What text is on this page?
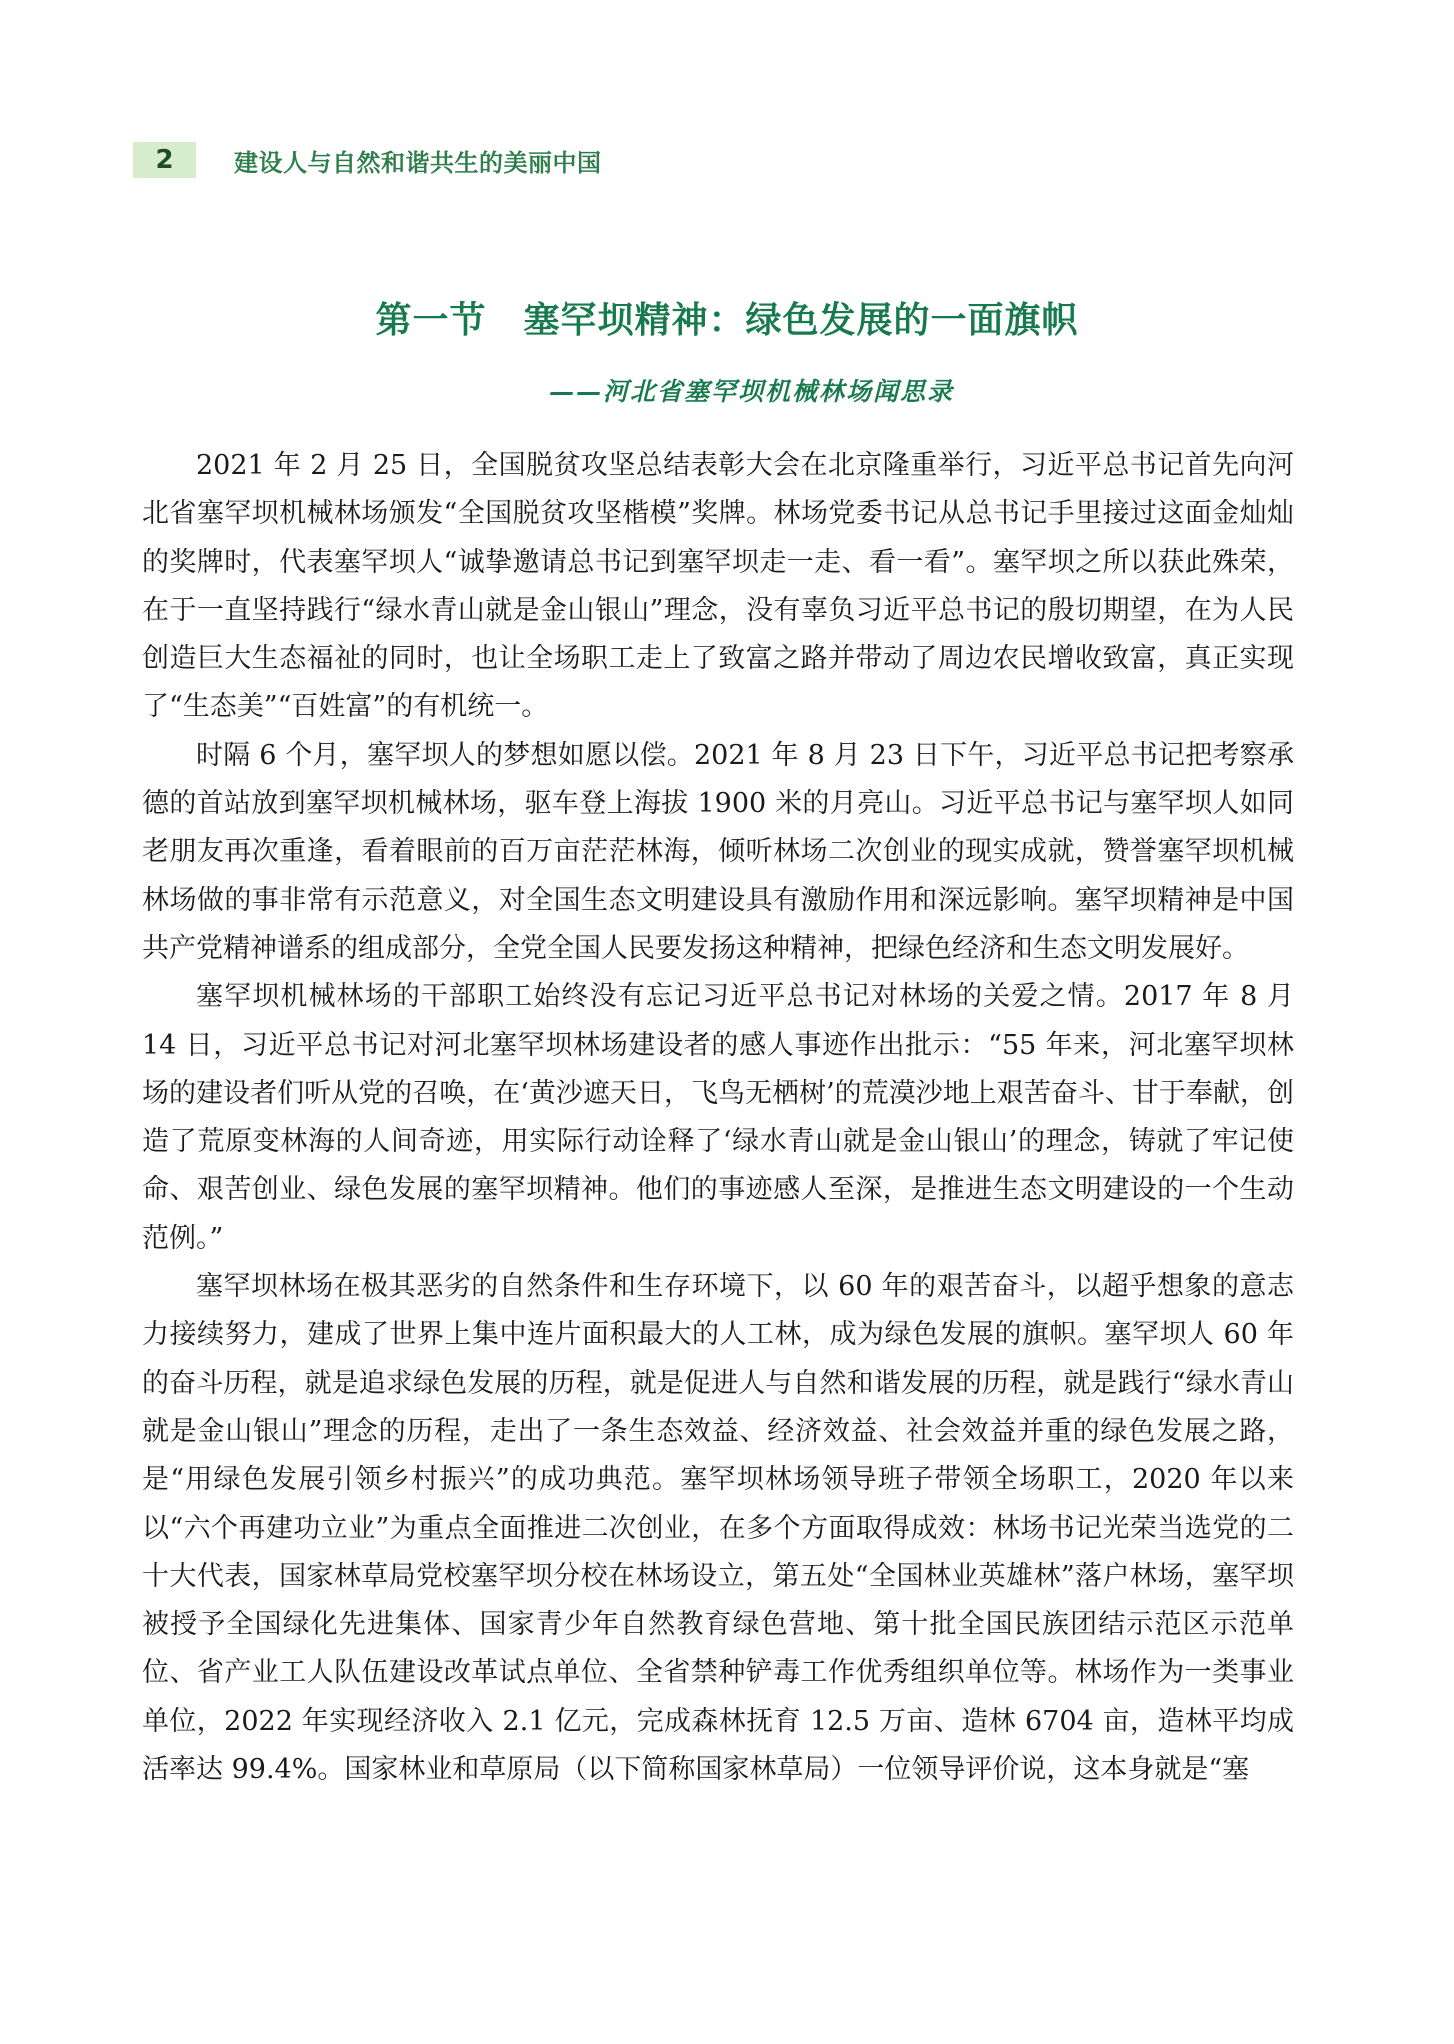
2	建设人与自然和谐共生的美丽中国
第一节　塞罕坝精神：绿色发展的一面旗帜
——河北省塞罕坝机械林场闻思录

2021 年 2 月 25 日，全国脱贫攻坚总结表彰大会在北京隆重举行，习近平总书记首先向河北省塞罕坝机械林场颁发“全国脱贫攻坚楷模”奖牌。林场党委书记从总书记手里接过这面金灿灿的奖牌时，代表塞罕坝人“诚挚邀请总书记到塞罕坝走一走、看一看”。塞罕坝之所以获此殊荣，在于一直坚持践行“绿水青山就是金山银山”理念，没有辜负习近平总书记的殷切期望，在为人民创造巨大生态福祉的同时，也让全场职工走上了致富之路并带动了周边农民增收致富，真正实现了“生态美”“百姓富”的有机统一。

时隔 6 个月，塞罕坝人的梦想如愿以偿。2021 年 8 月 23 日下午，习近平总书记把考察承德的首站放到塞罕坝机械林场，驱车登上海拔 1900 米的月亮山。习近平总书记与塞罕坝人如同老朋友再次重逢，看着眼前的百万亩茫茫林海，倾听林场二次创业的现实成就，赞誉塞罕坝机械林场做的事非常有示范意义，对全国生态文明建设具有激励作用和深远影响。塞罕坝精神是中国共产党精神谱系的组成部分，全党全国人民要发扬这种精神，把绿色经济和生态文明发展好。

塞罕坝机械林场的干部职工始终没有忘记习近平总书记对林场的关爱之情。2017 年 8 月 14 日，习近平总书记对河北塞罕坝林场建设者的感人事迹作出批示：“55 年来，河北塞罕坝林场的建设者们听从党的召唤，在‘黄沙遮天日，飞鸟无栖树’的荒漠沙地上艰苦奋斗、甘于奉献，创造了荒原变林海的人间奇迹，用实际行动诠释了‘绿水青山就是金山银山’的理念，铸就了牢记使命、艰苦创业、绿色发展的塞罕坝精神。他们的事迹感人至深，是推进生态文明建设的一个生动范例。”

塞罕坝林场在极其恶劣的自然条件和生存环境下，以 60 年的艰苦奋斗，以超乎想象的意志力接续努力，建成了世界上集中连片面积最大的人工林，成为绿色发展的旗帜。塞罕坝人 60 年的奋斗历程，就是追求绿色发展的历程，就是促进人与自然和谐发展的历程，就是践行“绿水青山就是金山银山”理念的历程，走出了一条生态效益、经济效益、社会效益并重的绿色发展之路，是“用绿色发展引领乡村振兴”的成功典范。塞罕坝林场领导班子带领全场职工，2020 年以来以“六个再建功立业”为重点全面推进二次创业，在多个方面取得成效：林场书记光荣当选党的二十大代表，国家林草局党校塞罕坝分校在林场设立，第五处“全国林业英雄林”落户林场，塞罕坝被授予全国绿化先进集体、国家青少年自然教育绿色营地、第十批全国民族团结示范区示范单位、省产业工人队伍建设改革试点单位、全省禁种铲毒工作优秀组织单位等。林场作为一类事业单位，2022 年实现经济收入 2.1 亿元，完成森林抚育 12.5 万亩、造林 6704 亩，造林平均成活率达 99.4%。国家林业和草原局（以下简称国家林草局）一位领导评价说，这本身就是“塞
